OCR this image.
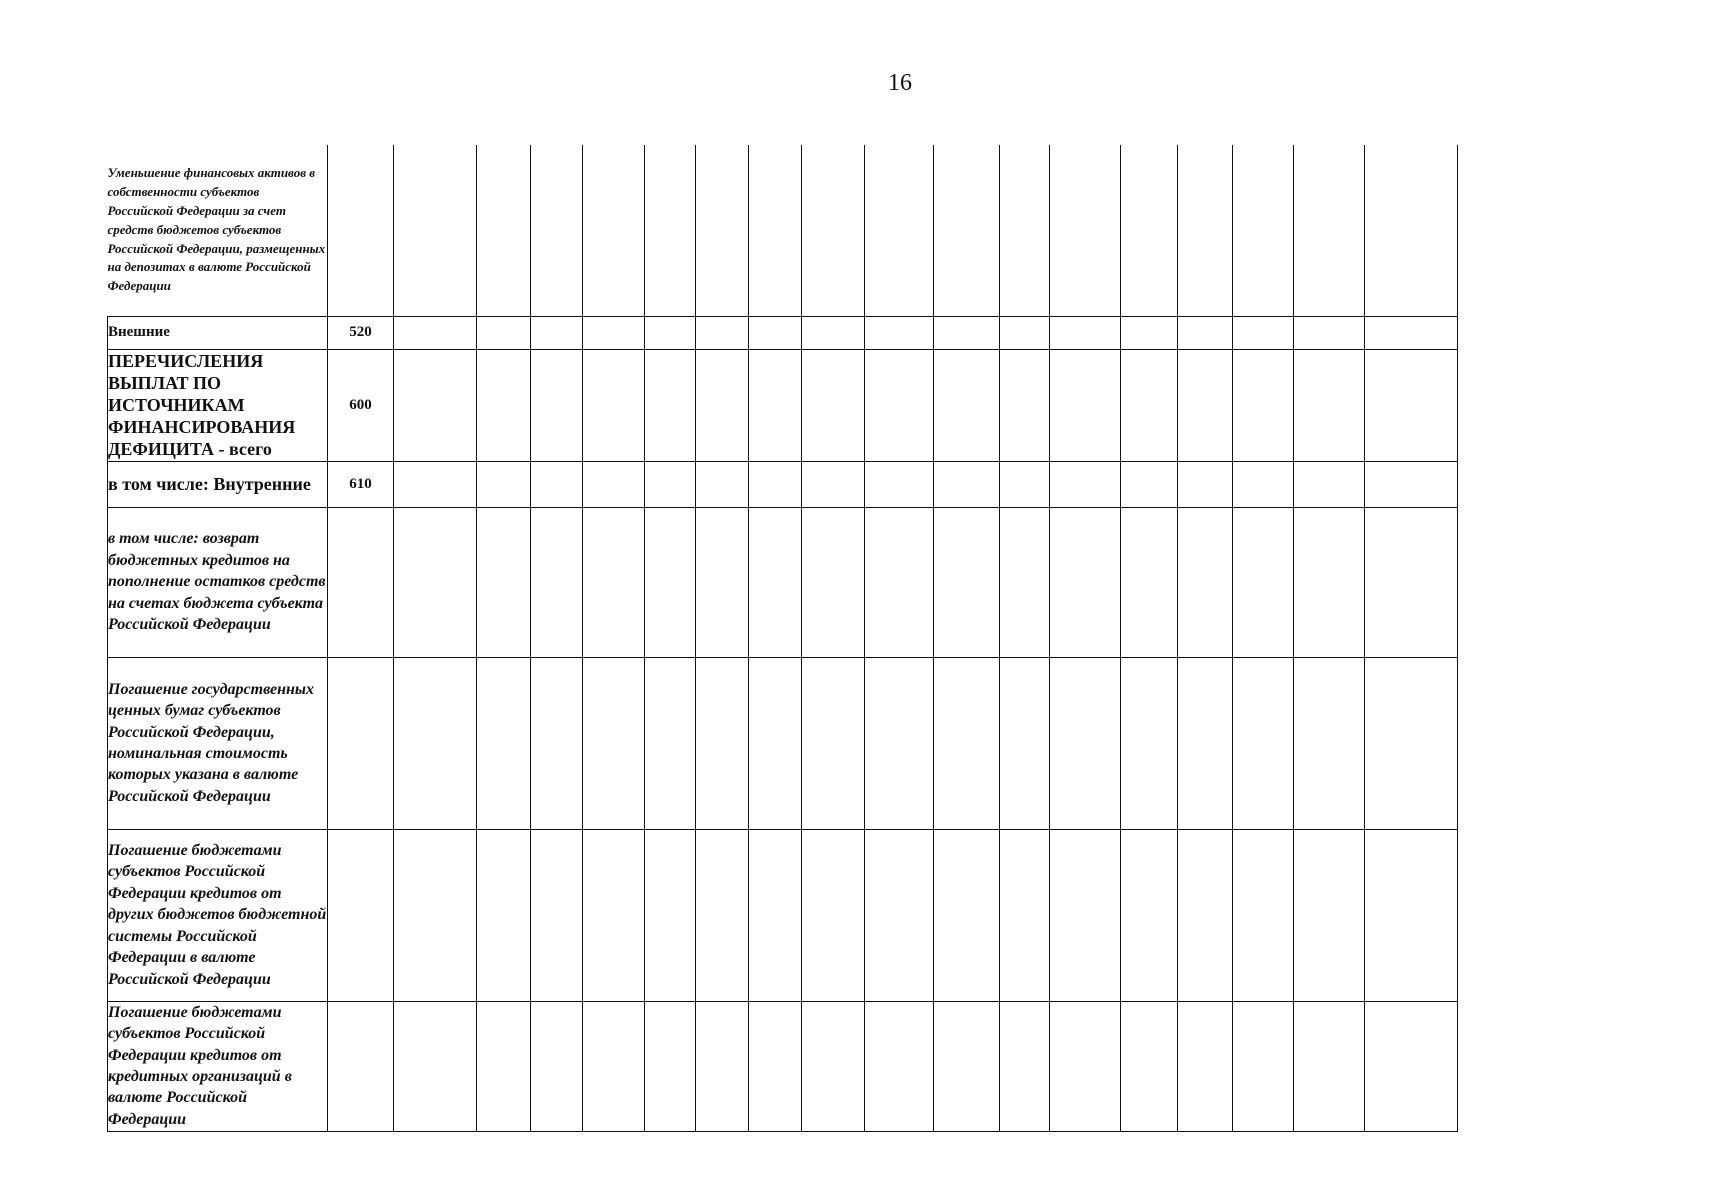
16
Уменьшение финансовых активов в собственности субъектов Российской Федерации за счет средств бюджетов субъектов Российской Федерации, размещенных на депозитах в валюте Российской Федерации																		
Внешние	520																	
ПЕРЕЧИСЛЕНИЯ ВЫПЛАТ ПО ИСТОЧНИКАМ ФИНАНСИРОВАНИЯ ДЕФИЦИТА - всего	600																	
в том числе: Внутренние	610																	
в том числе: возврат бюджетных кредитов на пополнение остатков средств на счетах бюджета субъекта Российской Федерации																		
Погашение государственных ценных бумаг субъектов Российской Федерации, номинальная стоимость которых указана в валюте Российской Федерации																		
Погашение бюджетами субъектов Российской Федерации кредитов от других бюджетов бюджетной системы Российской Федерации в валюте Российской Федерации																		
Погашение бюджетами субъектов Российской Федерации кредитов от кредитных организаций в валюте Российской Федерации																		
